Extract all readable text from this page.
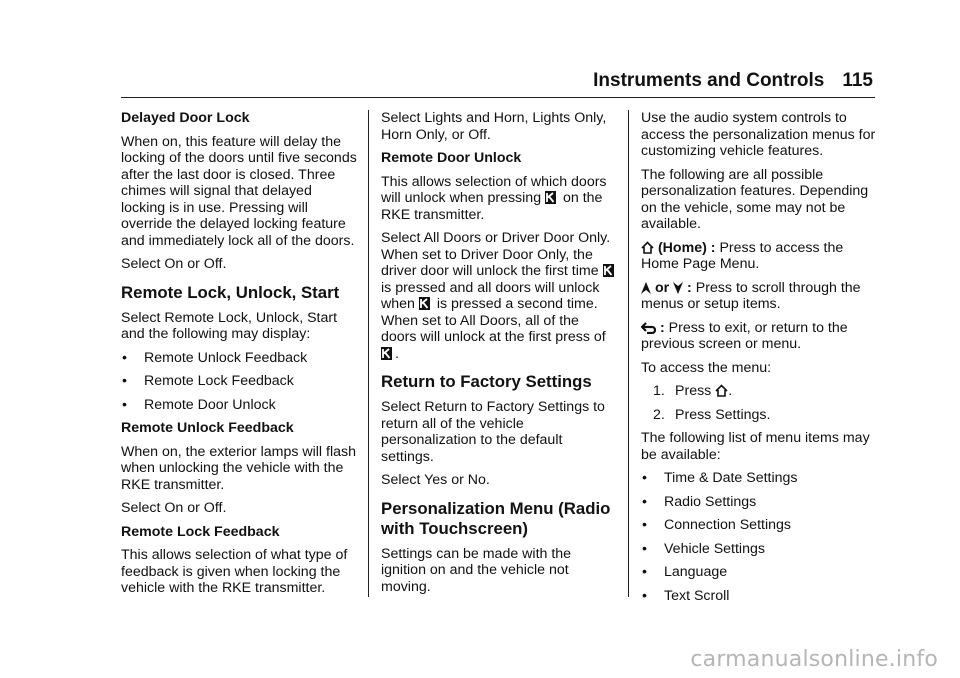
Instruments and Controls 115
Delayed Door Lock
When on, this feature will delay the locking of the doors until five seconds after the last door is closed. Three chimes will signal that delayed locking is in use. Pressing will override the delayed locking feature and immediately lock all of the doors.
Select On or Off.
Remote Lock, Unlock, Start
Select Remote Lock, Unlock, Start and the following may display:
•	Remote Unlock Feedback
•	Remote Lock Feedback
•	Remote Door Unlock
Remote Unlock Feedback
When on, the exterior lamps will flash when unlocking the vehicle with the RKE transmitter.
Select On or Off.
Remote Lock Feedback
This allows selection of what type of feedback is given when locking the vehicle with the RKE transmitter.
Select Lights and Horn, Lights Only, Horn Only, or Off.
Remote Door Unlock
This allows selection of which doors will unlock when pressing on the RKE transmitter.
Select All Doors or Driver Door Only. When set to Driver Door Only, the driver door will unlock the first time
is pressed and all doors will unlock when is pressed a second time. When set to All Doors, all of the doors will unlock at the first press of
.
Return to Factory Settings
Select Return to Factory Settings to return all of the vehicle personalization to the default settings.
Select Yes or No.
Personalization Menu (Radio with Touchscreen)
Settings can be made with the ignition on and the vehicle not moving.
Use the audio system controls to access the personalization menus for customizing vehicle features.
The following are all possible personalization features. Depending on the vehicle, some may not be available.
(Home) : Press to access the Home Page Menu.
or : Press to scroll through the menus or setup items.
: Press to exit, or return to the previous screen or menu.
To access the menu:
1. Press .
2. Press Settings.
The following list of menu items may be available:
•	Time & Date Settings
•	Radio Settings
•	Connection Settings
•	Vehicle Settings
•	Language
•	Text Scroll
carmanualsonline.info
